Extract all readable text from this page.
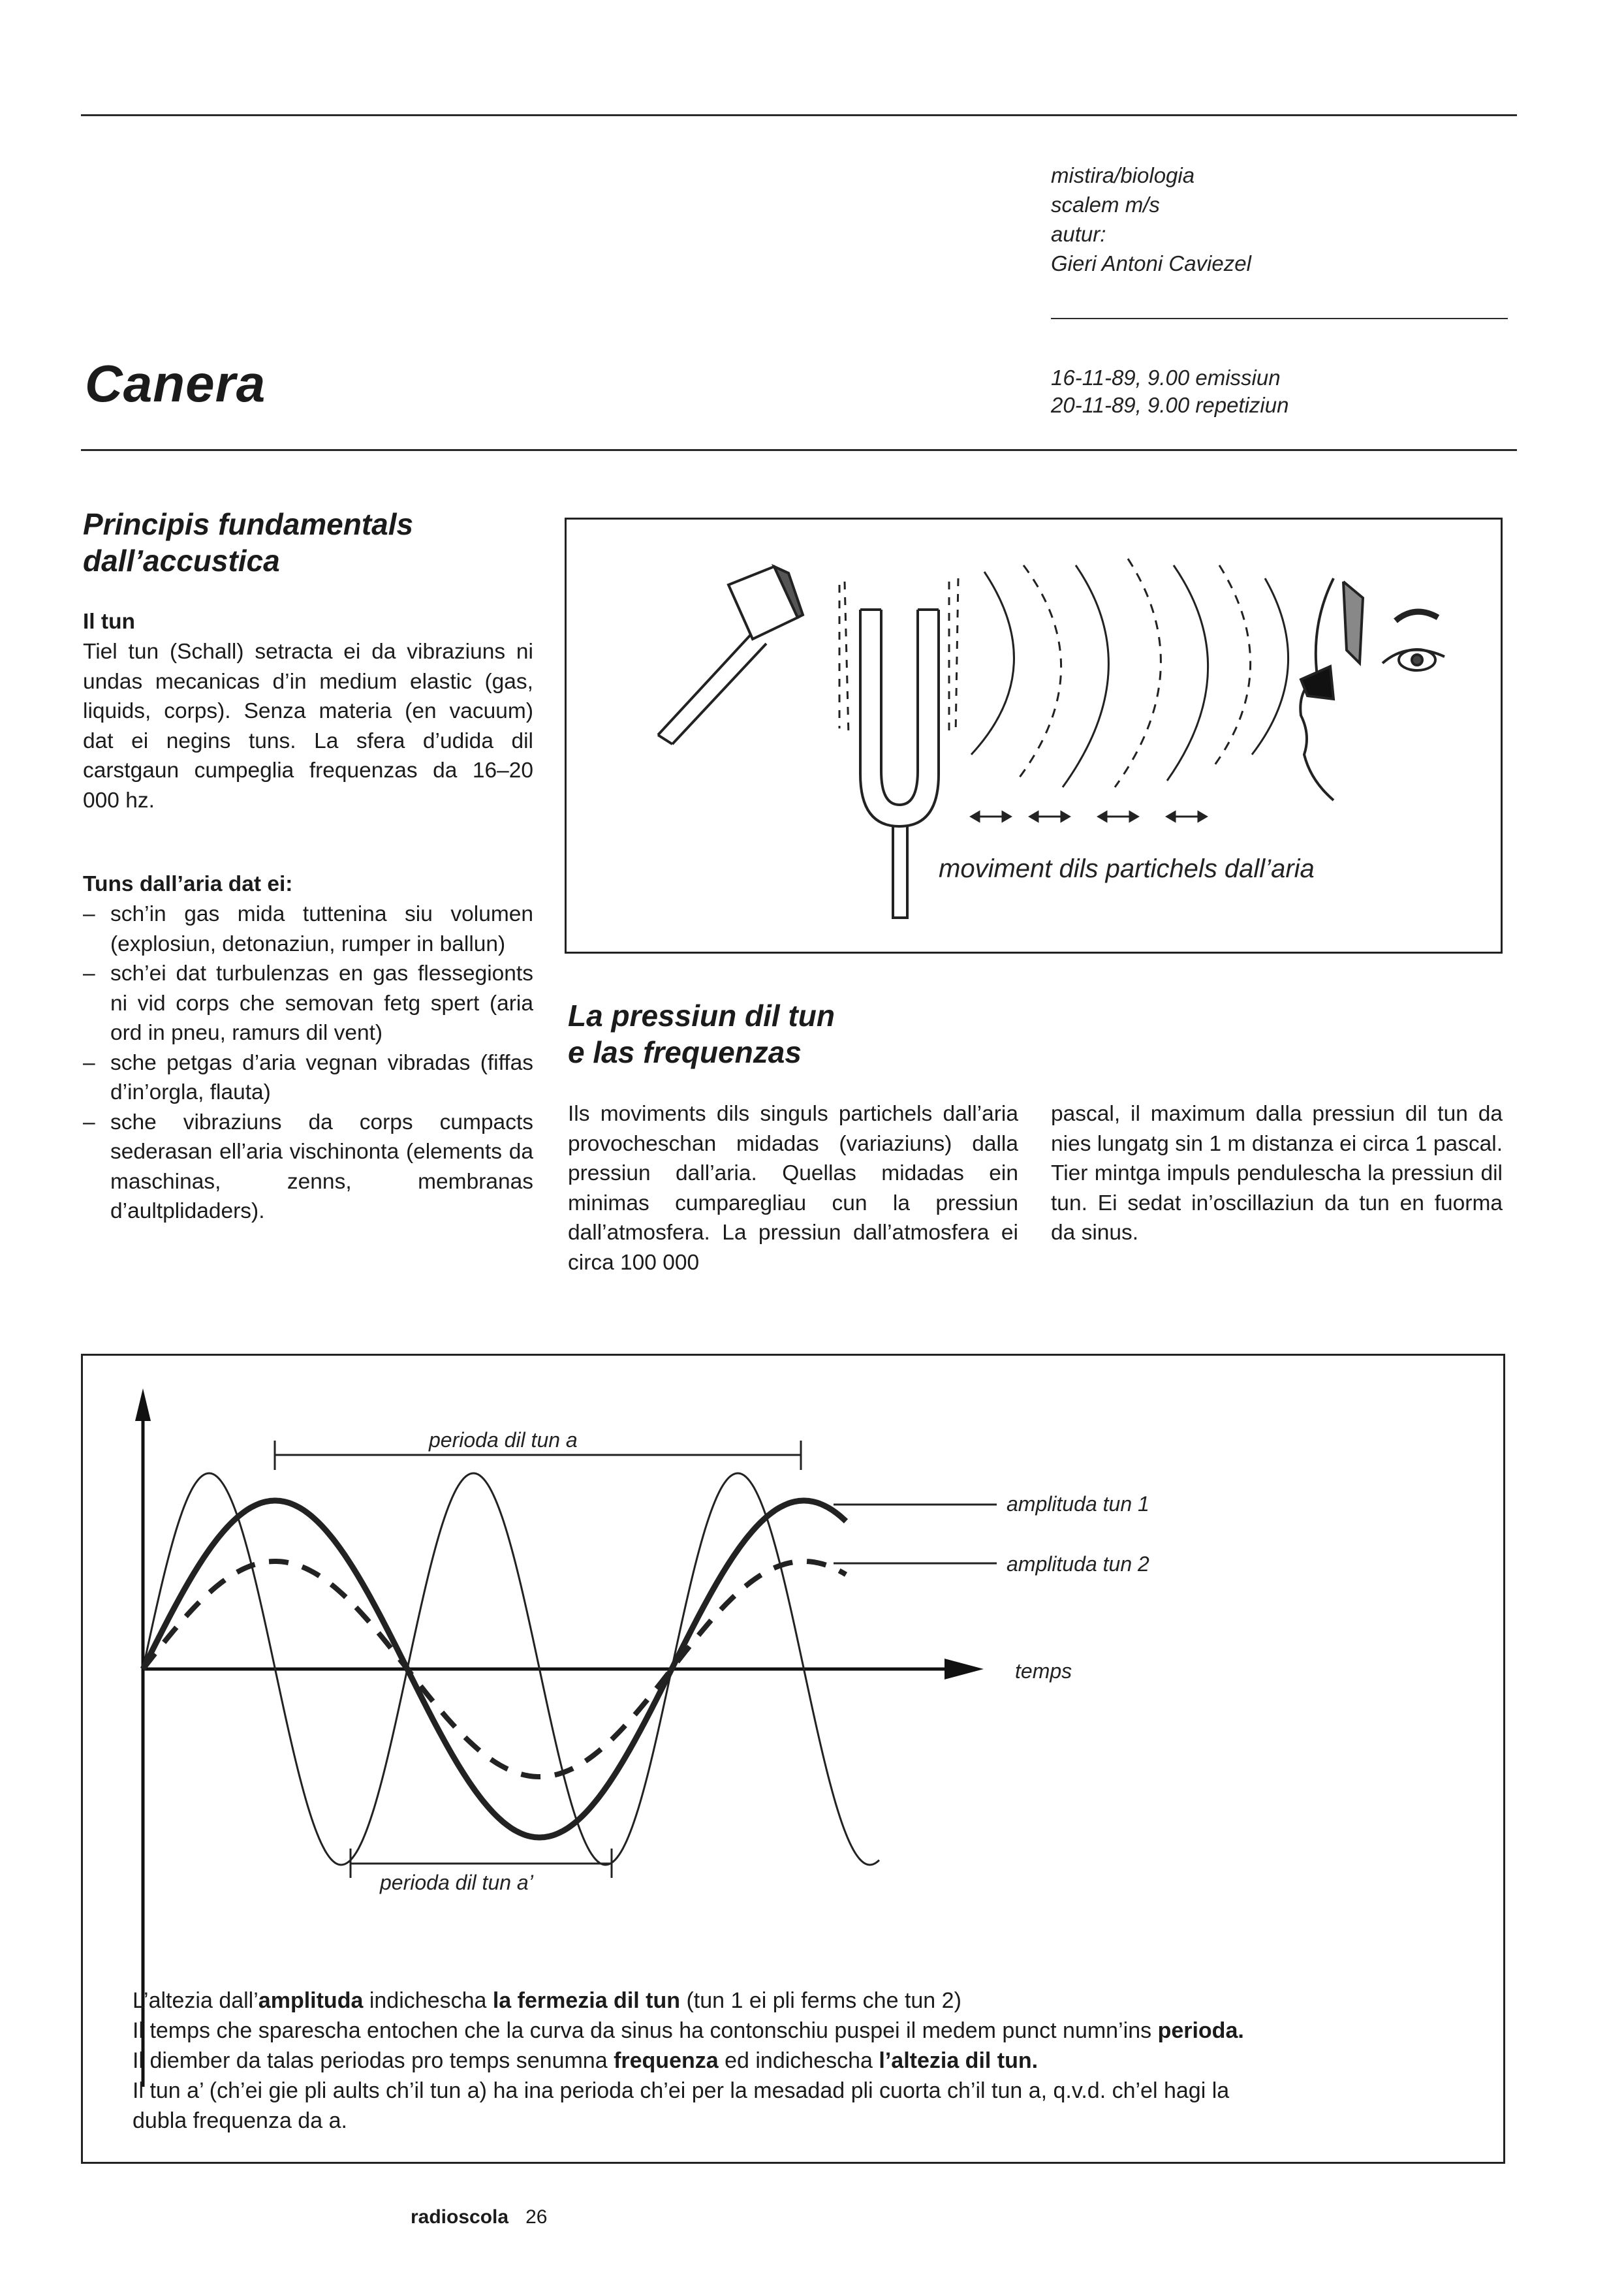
mistira/biologia
scalem m/s
autur:
Gieri Antoni Caviezel
Canera	16-11-89, 9.00 emissiun
20-11-89, 9.00 repetiziun
Principis fundamentals
dall’accustica
Il tun
Tiel tun (Schall) setracta ei da vibraziuns ni undas mecanicas d’in medium elastic (gas, liquids, corps). Senza materia (en vacuum) dat ei negins tuns. La sfera d’udida dil carstgaun cumpeglia frequenzas da 16–20 000 hz.
Tuns dall’aria dat ei:
– sch’in gas mida tuttenina siu volumen (explosiun, detonaziun, rumper in ballun)
– sch’ei dat turbulenzas en gas flessegionts ni vid corps che semovan fetg spert (aria ord in pneu, ramurs dil vent)
– sche petgas d’aria vegnan vibradas (fiffas d’in’orgla, flauta)
– sche vibraziuns da corps cumpacts sederasan ell’aria vischinonta (elements da maschinas, zenns, membranas d’aultplidaders).
moviment dils partichels dall’aria
La pressiun dil tun
e las frequenzas
Ils moviments dils singuls partichels dall’aria provocheschan midadas (variaziuns) dalla pressiun dall’aria. Quellas midadas ein minimas cumparegliau cun la pressiun dall’atmosfera. La pressiun dall’atmosfera ei circa 100 000
pascal, il maximum dalla pressiun dil tun da nies lungatg sin 1 m distanza ei circa 1 pascal. Tier mintga impuls pendulescha la pressiun dil tun. Ei sedat in’oscillaziun da tun en fuorma da sinus.
perioda dil tun a
perioda dil tun a’
amplituda tun 1
amplituda tun 2
temps
L’altezia dall’amplituda indichescha la fermezia dil tun (tun 1 ei pli ferms che tun 2)
Il temps che sparescha entochen che la curva da sinus ha contonschiu puspei il medem punct numn’ins perioda.
Il diember da talas periodas pro temps senumna frequenza ed indichescha l’altezia dil tun.
Il tun a’ (ch’ei gie pli aults ch’il tun a) ha ina perioda ch’ei per la mesadad pli cuorta ch’il tun a, q.v.d. ch’el hagi la
dubla frequenza da a.
radioscola 26
